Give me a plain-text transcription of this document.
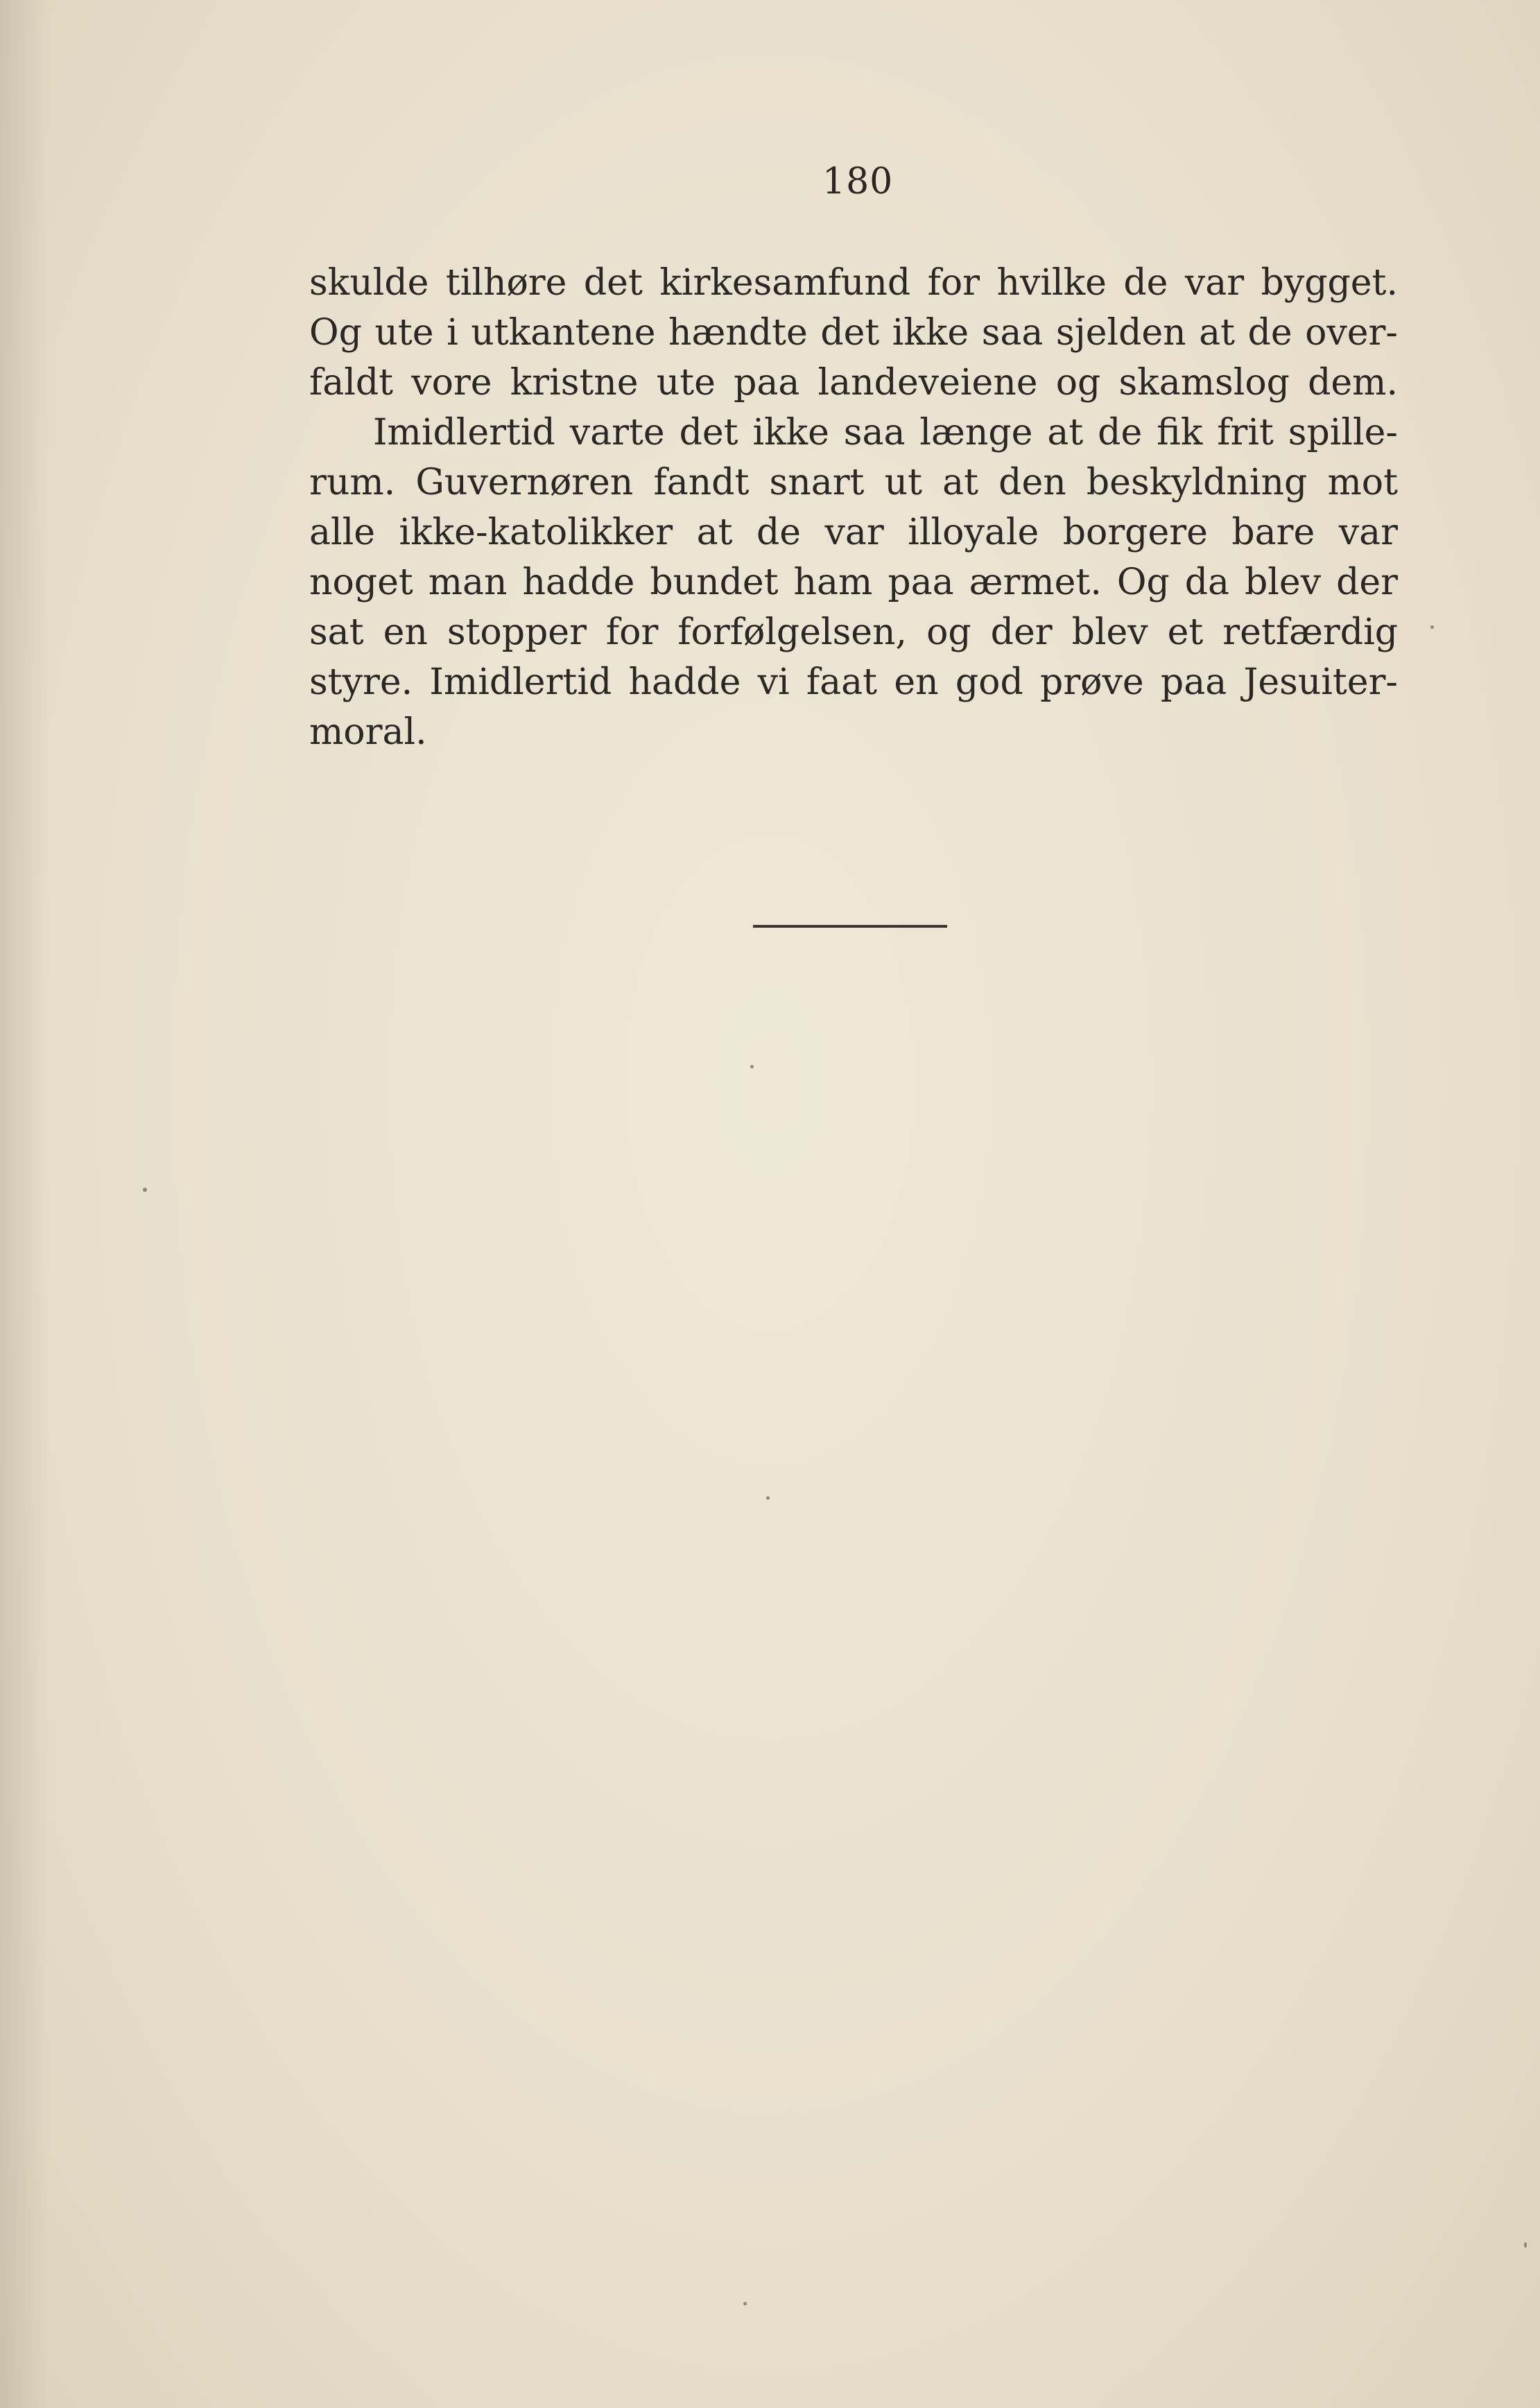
180
skulde tilhøre det kirkesamfund for hvilke de var bygget.
Og ute i utkantene hændte det ikke saa sjelden at de over-
faldt vore kristne ute paa landeveiene og skamslog dem.
Imidlertid varte det ikke saa længe at de fik frit spille-
rum. Guvernøren fandt snart ut at den beskyldning mot
alle ikke-katolikker at de var illoyale borgere bare var
noget man hadde bundet ham paa ærmet. Og da blev der
sat en stopper for forfølgelsen, og der blev et retfærdig
styre. Imidlertid hadde vi faat en god prøve paa Jesuiter-
moral.
